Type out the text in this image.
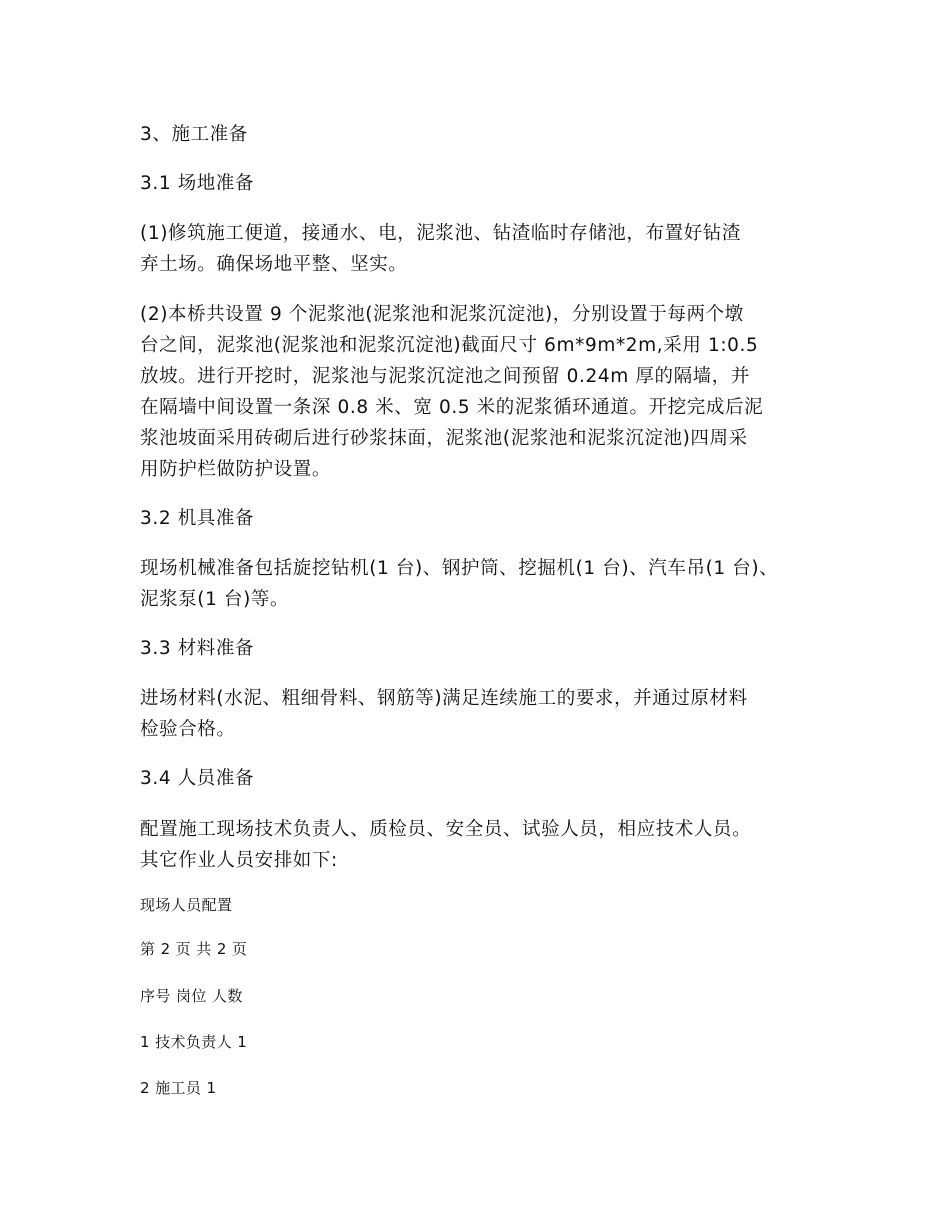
3、施工准备
3.1 场地准备
(1)修筑施工便道，接通水、电，泥浆池、钻渣临时存储池，布置好钻渣
弃土场。确保场地平整、坚实。
(2)本桥共设置 9 个泥浆池(泥浆池和泥浆沉淀池)，分别设置于每两个墩
台之间，泥浆池(泥浆池和泥浆沉淀池)截面尺寸 6m*9m*2m,采用 1:0.5
放坡。进行开挖时，泥浆池与泥浆沉淀池之间预留 0.24m 厚的隔墙，并
在隔墙中间设置一条深 0.8 米、宽 0.5 米的泥浆循环通道。开挖完成后泥
浆池坡面采用砖砌后进行砂浆抹面，泥浆池(泥浆池和泥浆沉淀池)四周采
用防护栏做防护设置。
3.2 机具准备
现场机械准备包括旋挖钻机(1 台)、钢护筒、挖掘机(1 台)、汽车吊(1 台)、
泥浆泵(1 台)等。
3.3 材料准备
进场材料(水泥、粗细骨料、钢筋等)满足连续施工的要求，并通过原材料
检验合格。
3.4 人员准备
配置施工现场技术负责人、质检员、安全员、试验人员，相应技术人员。
其它作业人员安排如下:
现场人员配置
第 2 页 共 2 页
序号 岗位 人数
1 技术负责人 1
2 施工员 1
